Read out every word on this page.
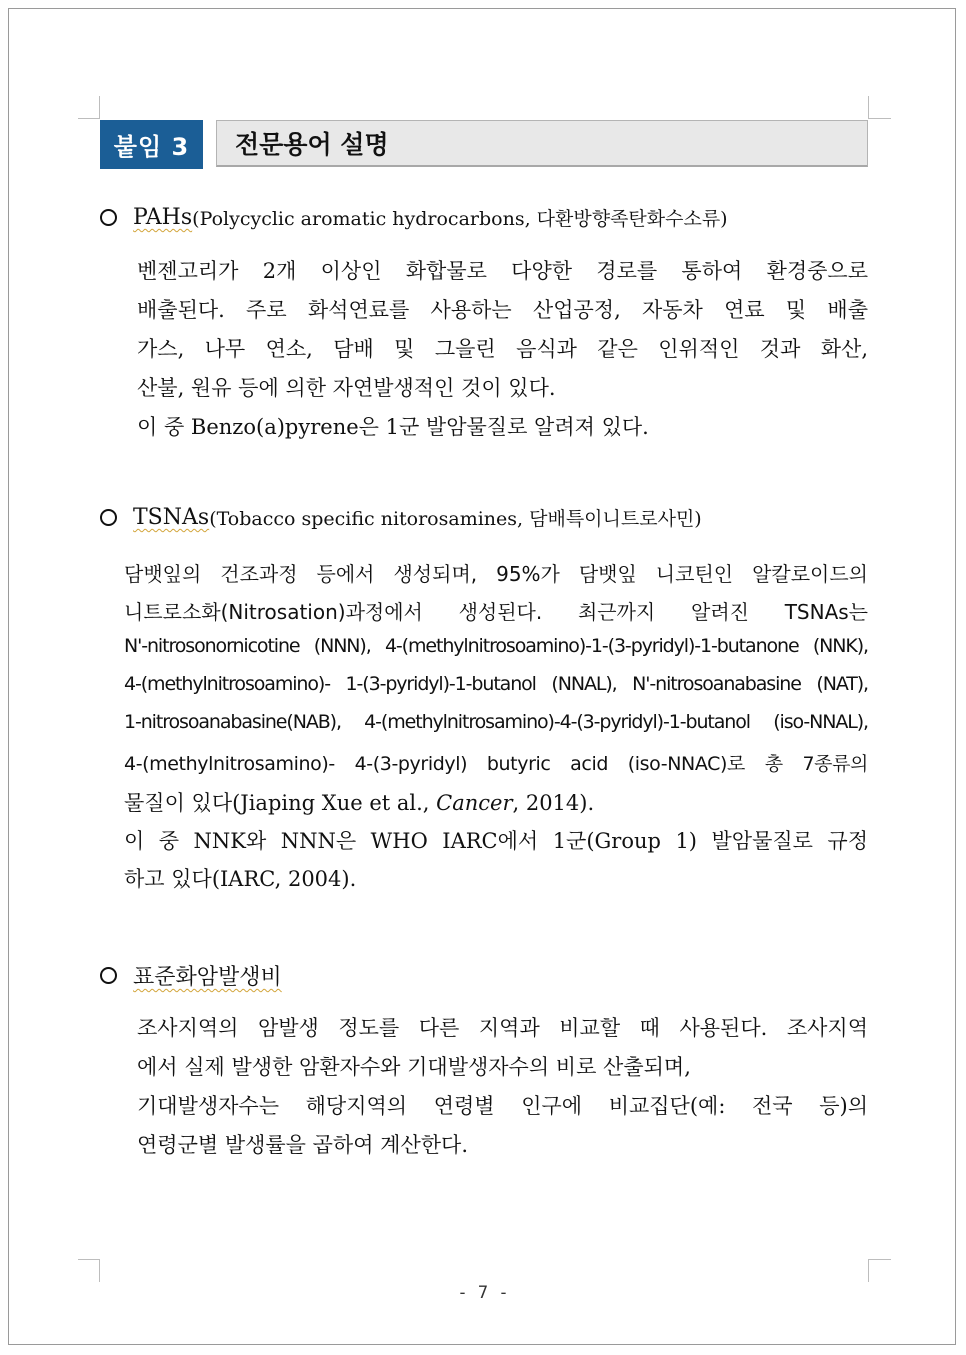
붙임 3	전문용어 설명
PAHs (Polycyclic aromatic hydrocarbons, 다환방향족탄화수소류)
벤젠고리가 2개 이상인 화합물로 다양한 경로를 통하여 환경중으로
배출된다. 주로 화석연료를 사용하는 산업공정, 자동차 연료 및 배출
가스, 나무 연소, 담배 및 그을린 음식과 같은 인위적인 것과 화산,
산불, 원유 등에 의한 자연발생적인 것이 있다.
이 중 Benzo(a)pyrene은 1군 발암물질로 알려져 있다.
TSNAs (Tobacco specific nitorosamines, 담배특이니트로사민)
담뱃잎의 건조과정 등에서 생성되며, 95%가 담뱃잎 니코틴인 알칼로이드의
니트로소화(Nitrosation)과정에서 생성된다. 최근까지 알려진 TSNAs는
N'-nitrosonornicotine (NNN), 4-(methylnitrosoamino)-1-(3-pyridyl)-1-butanone (NNK),
4-(methylnitrosoamino)- 1-(3-pyridyl)-1-butanol (NNAL), N'-nitrosoanabasine (NAT),
1-nitrosoanabasine(NAB), 4-(methylnitrosamino)-4-(3-pyridyl)-1-butanol (iso-NNAL),
4-(methylnitrosamino)- 4-(3-pyridyl) butyric acid (iso-NNAC)로 총 7종류의
물질이 있다(Jiaping Xue et al., Cancer, 2014).
이 중 NNK와 NNN은 WHO IARC에서 1군(Group 1) 발암물질로 규정
하고 있다(IARC, 2004).
표준화암발생비
조사지역의 암발생 정도를 다른 지역과 비교할 때 사용된다. 조사지역
에서 실제 발생한 암환자수와 기대발생자수의 비로 산출되며,
기대발생자수는 해당지역의 연령별 인구에 비교집단(예: 전국 등)의
연령군별 발생률을 곱하여 계산한다.
- 7 -
